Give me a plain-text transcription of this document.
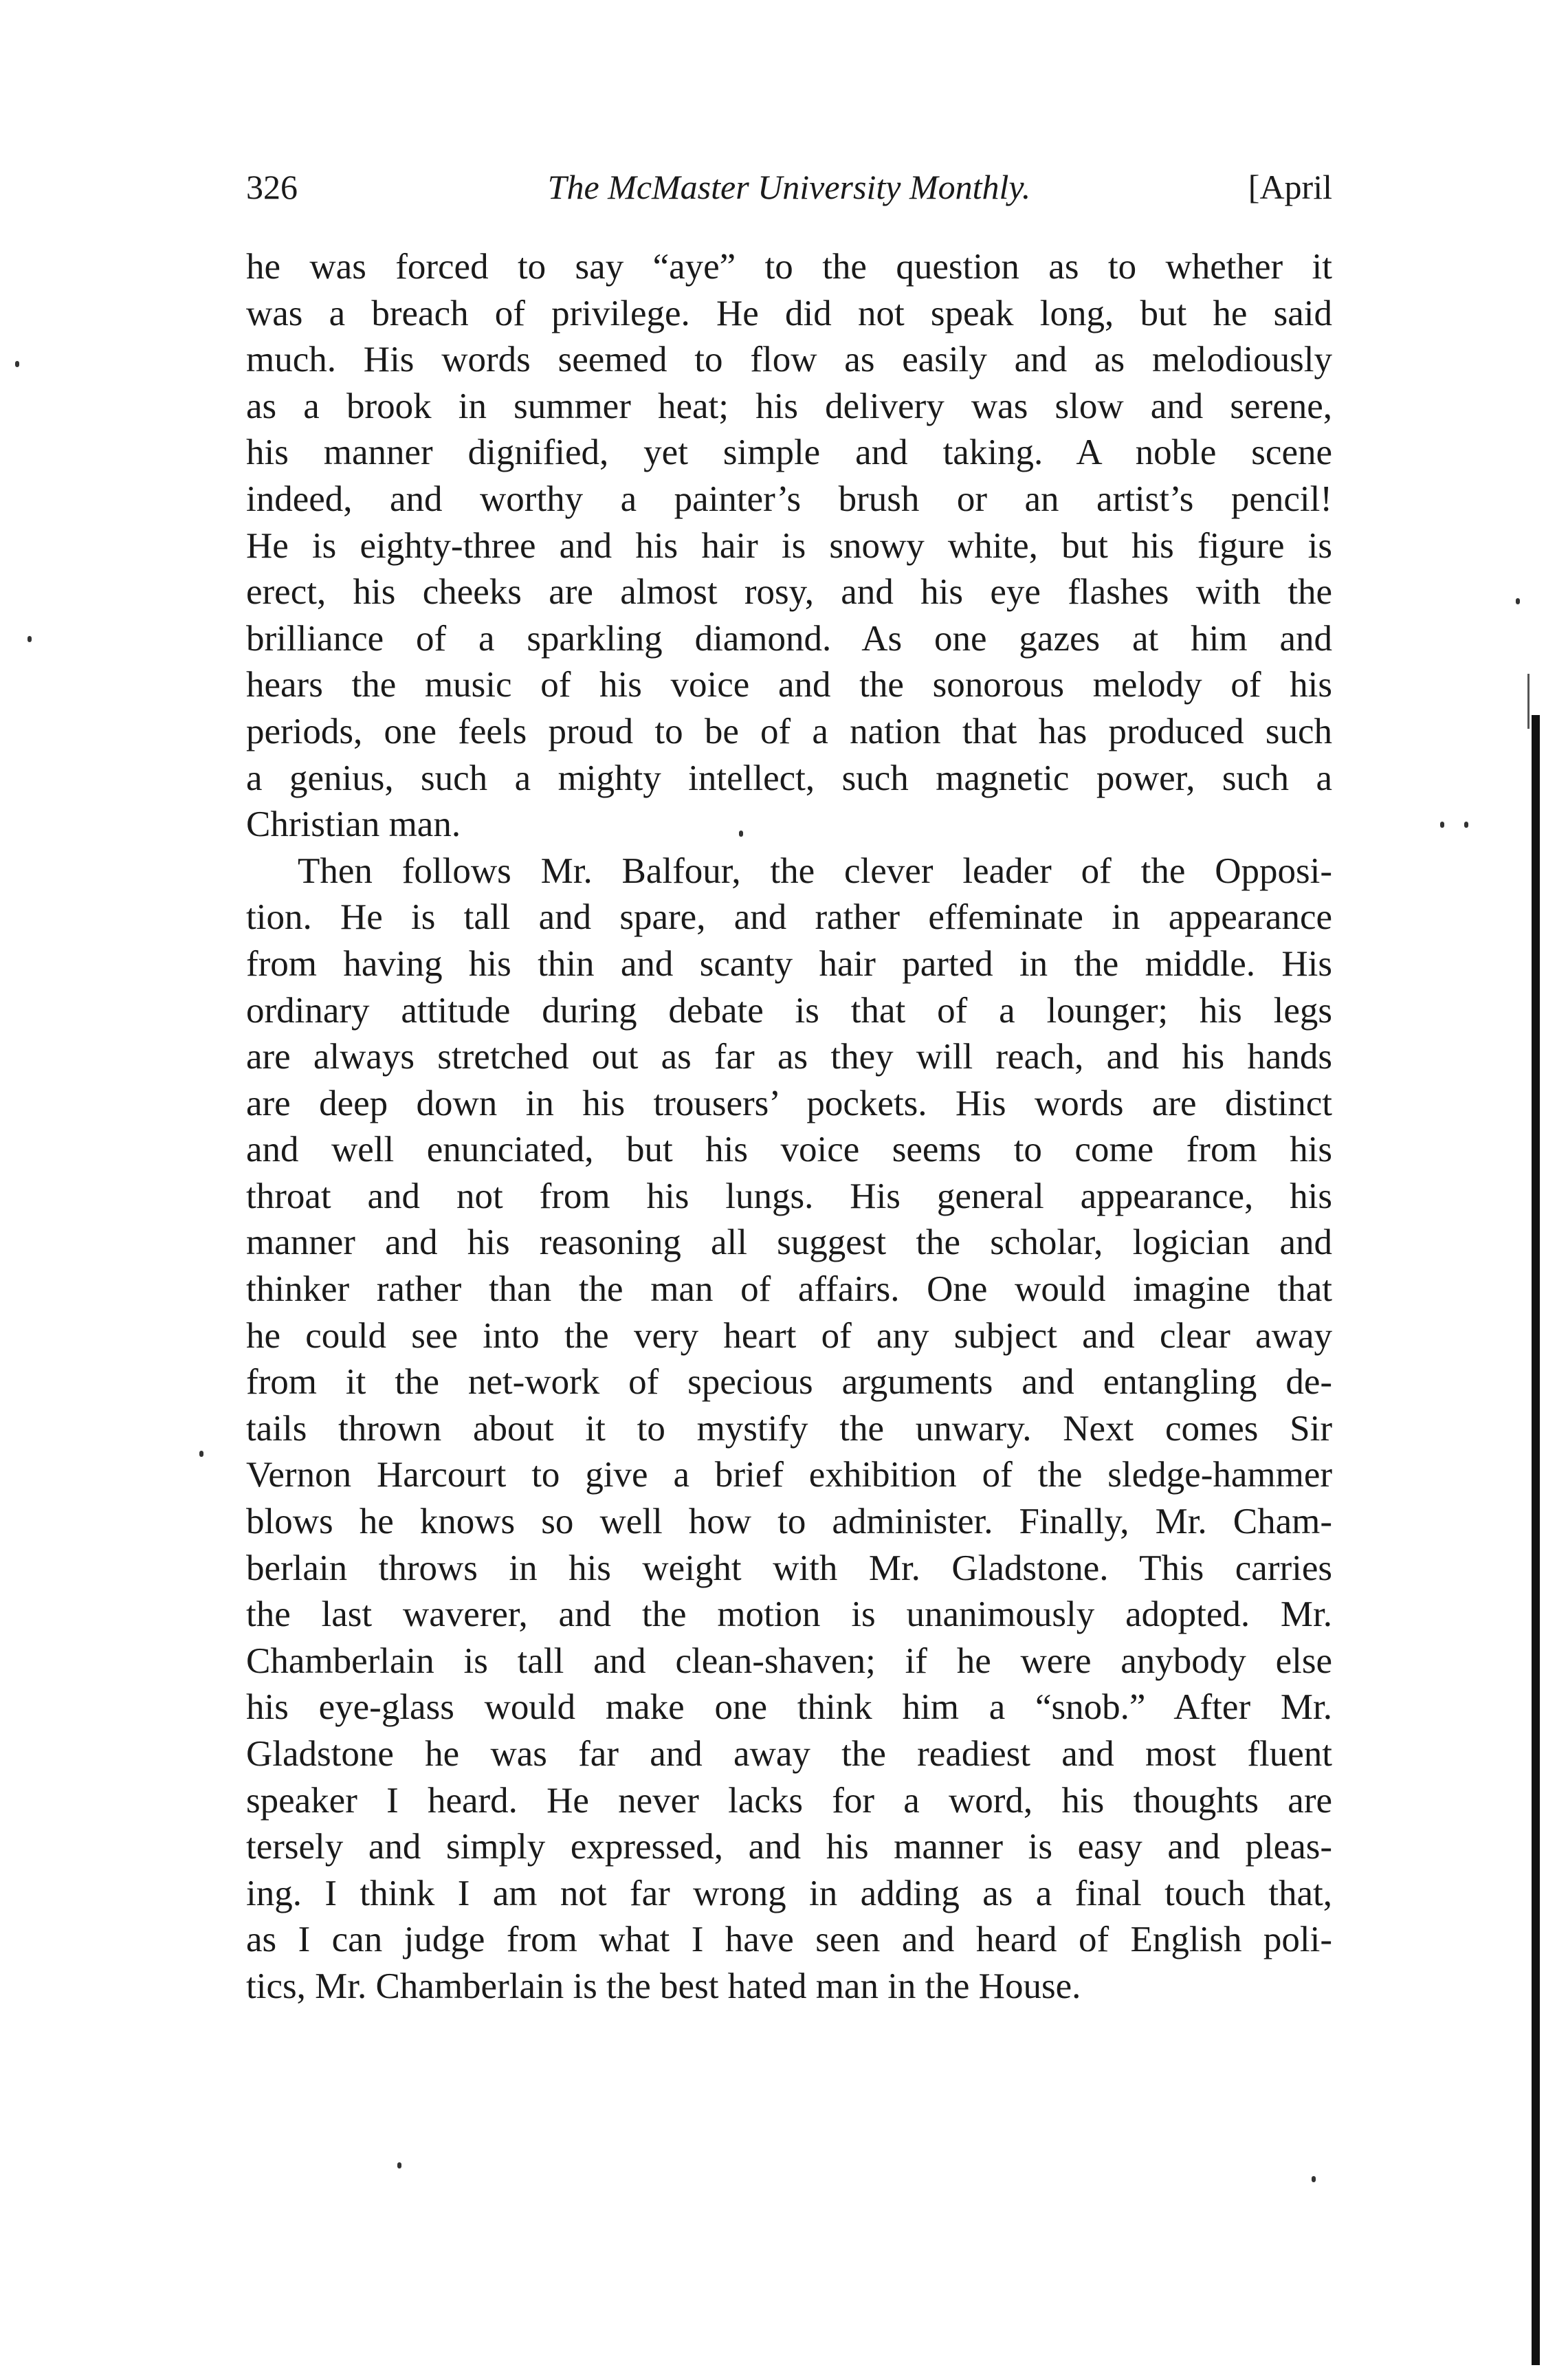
326	The McMaster University Monthly.	[April
he was forced to say “aye” to the question as to whether it
was a breach of privilege. He did not speak long, but he said
much. His words seemed to flow as easily and as melodiously
as a brook in summer heat; his delivery was slow and serene,
his manner dignified, yet simple and taking. A noble scene
indeed, and worthy a painter’s brush or an artist’s pencil!
He is eighty-three and his hair is snowy white, but his figure is
erect, his cheeks are almost rosy, and his eye flashes with the
brilliance of a sparkling diamond. As one gazes at him and
hears the music of his voice and the sonorous melody of his
periods, one feels proud to be of a nation that has produced such
a genius, such a mighty intellect, such magnetic power, such a
Christian man.
Then follows Mr. Balfour, the clever leader of the Opposi-
tion. He is tall and spare, and rather effeminate in appearance
from having his thin and scanty hair parted in the middle. His
ordinary attitude during debate is that of a lounger; his legs
are always stretched out as far as they will reach, and his hands
are deep down in his trousers’ pockets. His words are distinct
and well enunciated, but his voice seems to come from his
throat and not from his lungs. His general appearance, his
manner and his reasoning all suggest the scholar, logician and
thinker rather than the man of affairs. One would imagine that
he could see into the very heart of any subject and clear away
from it the net-work of specious arguments and entangling de-
tails thrown about it to mystify the unwary. Next comes Sir
Vernon Harcourt to give a brief exhibition of the sledge-hammer
blows he knows so well how to administer. Finally, Mr. Cham-
berlain throws in his weight with Mr. Gladstone. This carries
the last waverer, and the motion is unanimously adopted. Mr.
Chamberlain is tall and clean-shaven; if he were anybody else
his eye-glass would make one think him a “snob.” After Mr.
Gladstone he was far and away the readiest and most fluent
speaker I heard. He never lacks for a word, his thoughts are
tersely and simply expressed, and his manner is easy and pleas-
ing. I think I am not far wrong in adding as a final touch that,
as I can judge from what I have seen and heard of English poli-
tics, Mr. Chamberlain is the best hated man in the House.
